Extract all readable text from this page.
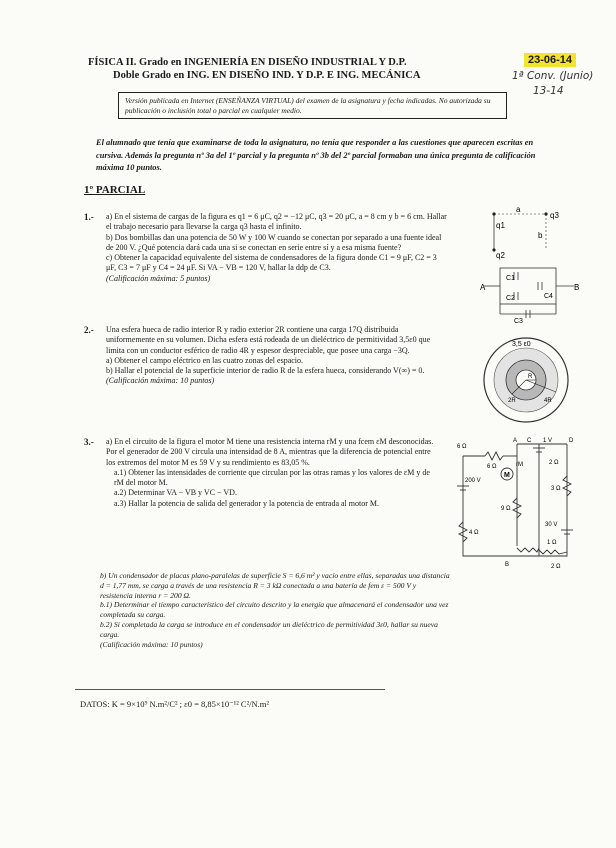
FÍSICA II. Grado en INGENIERÍA EN DISEÑO INDUSTRIAL Y D.P.
Doble Grado en ING. EN DISEÑO IND. Y D.P. E ING. MECÁNICA
23-06-14
1ª Conv. (Junio)
13-14
Versión publicada en Internet (ENSEÑANZA VIRTUAL) del examen de la asignatura y fecha indicadas. No autorizada su publicación o inclusión total o parcial en cualquier medio.
El alumnado que tenía que examinarse de toda la asignatura, no tenía que responder a las cuestiones que aparecen escritas en cursiva. Además la pregunta nº 3a del 1º parcial y la pregunta nº 3b del 2º parcial formaban una única pregunta de calificación máxima 10 puntos.
1º PARCIAL
1.- a) En el sistema de cargas de la figura es q1 = 6 μC, q2 = −12 μC, q3 = 20 μC, a = 8 cm y b = 6 cm. Hallar el trabajo necesario para llevarse la carga q3 hasta el infinito.

b) Dos bombillas dan una potencia de 50 W y 100 W cuando se conectan por separado a una fuente ideal de 200 V. ¿Qué potencia dará cada una si se conectan en serie entre sí y a esa misma fuente?

c) Obtener la capacidad equivalente del sistema de condensadores de la figura donde C1 = 9 μF, C2 = 3 μF, C3 = 7 μF y C4 = 24 μF. Si VA − VB = 120 V, hallar la ddp de C3.

(Calificación máxima: 5 puntos)

q1
q3
q2
a
b
A	B
C1
C2	C4
C3
2.- Una esfera hueca de radio interior R y radio exterior 2R contiene una carga 17Q distribuida uniformemente en su volumen. Dicha esfera está rodeada de un dieléctrico de permitividad 3,5ε0 que limita con un conductor esférico de radio 4R y espesor despreciable, que posee una carga −3Q.

a) Obtener el campo eléctrico en las cuatro zonas del espacio.

b) Hallar el potencial de la superficie interior de radio R de la esfera hueca, considerando V(∞) = 0.

(Calificación máxima: 10 puntos)

3,5 ε0
R
2R	4R
3.- a) En el circuito de la figura el motor M tiene una resistencia interna rM y una fcem εM desconocidas. Por el generador de 200 V circula una intensidad de 8 A, mientras que la diferencia de potencial entre los extremos del motor M es 59 V y su rendimiento es 83,05 %.

a.1) Obtener las intensidades de corriente que circulan por las otras ramas y los valores de εM y de rM del motor M.

a.2) Determinar VA − VB y VC − VD.

a.3) Hallar la potencia de salida del generador y la potencia de entrada al motor M.

b) Un condensador de placas plano-paralelas de superficie S = 6,6 m² y vacío entre ellas, separadas una distancia d = 1,77 mm, se carga a través de una resistencia R = 3 kΩ conectada a una batería de fem ε = 500 V y resistencia interna r = 200 Ω.

b.1) Determinar el tiempo característico del circuito descrito y la energía que almacenará el condensador una vez completada su carga.

b.2) Si completada la carga se introduce en el condensador un dieléctrico de permitividad 3ε0, hallar su nueva carga.

(Calificación máxima: 10 puntos)

M
rM
6 Ω
6 Ω
2 Ω
9 Ω
4 Ω
3 Ω
1 Ω
2 Ω
200 V
1 V
30 V
A
B
C	D
DATOS: K = 9×10⁹ N.m²/C² ; ε0 = 8,85×10⁻¹² C²/N.m²
